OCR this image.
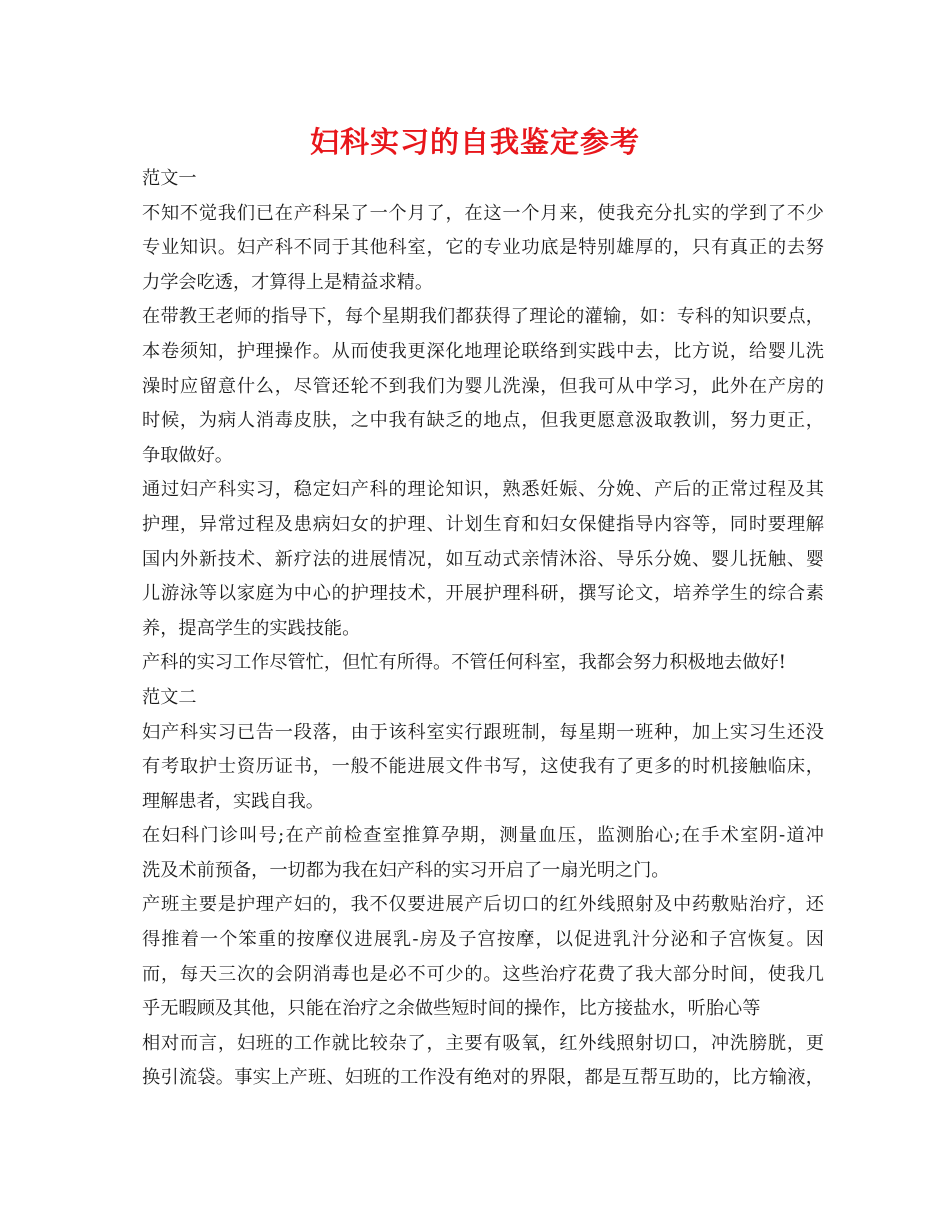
妇科实习的自我鉴定参考
范文一
不知不觉我们已在产科呆了一个月了，在这一个月来，使我充分扎实的学到了不少
专业知识。妇产科不同于其他科室，它的专业功底是特别雄厚的，只有真正的去努
力学会吃透，才算得上是精益求精。
在带教王老师的指导下，每个星期我们都获得了理论的灌输，如：专科的知识要点，
本卷须知，护理操作。从而使我更深化地理论联络到实践中去，比方说，给婴儿洗
澡时应留意什么，尽管还轮不到我们为婴儿洗澡，但我可从中学习，此外在产房的
时候，为病人消毒皮肤，之中我有缺乏的地点，但我更愿意汲取教训，努力更正，
争取做好。
通过妇产科实习，稳定妇产科的理论知识，熟悉妊娠、分娩、产后的正常过程及其
护理，异常过程及患病妇女的护理、计划生育和妇女保健指导内容等，同时要理解
国内外新技术、新疗法的进展情况，如互动式亲情沐浴、导乐分娩、婴儿抚触、婴
儿游泳等以家庭为中心的护理技术，开展护理科研，撰写论文，培养学生的综合素
养，提高学生的实践技能。
产科的实习工作尽管忙，但忙有所得。不管任何科室，我都会努力积极地去做好!
范文二
妇产科实习已告一段落，由于该科室实行跟班制，每星期一班种，加上实习生还没
有考取护士资历证书，一般不能进展文件书写，这使我有了更多的时机接触临床，
理解患者，实践自我。
在妇科门诊叫号;在产前检查室推算孕期，测量血压，监测胎心;在手术室阴-道冲
洗及术前预备，一切都为我在妇产科的实习开启了一扇光明之门。
产班主要是护理产妇的，我不仅要进展产后切口的红外线照射及中药敷贴治疗，还
得推着一个笨重的按摩仪进展乳-房及子宫按摩，以促进乳汁分泌和子宫恢复。因
而，每天三次的会阴消毒也是必不可少的。这些治疗花费了我大部分时间，使我几
乎无暇顾及其他，只能在治疗之余做些短时间的操作，比方接盐水，听胎心等
相对而言，妇班的工作就比较杂了，主要有吸氧，红外线照射切口，冲洗膀胱，更
换引流袋。事实上产班、妇班的工作没有绝对的界限，都是互帮互助的，比方输液，
